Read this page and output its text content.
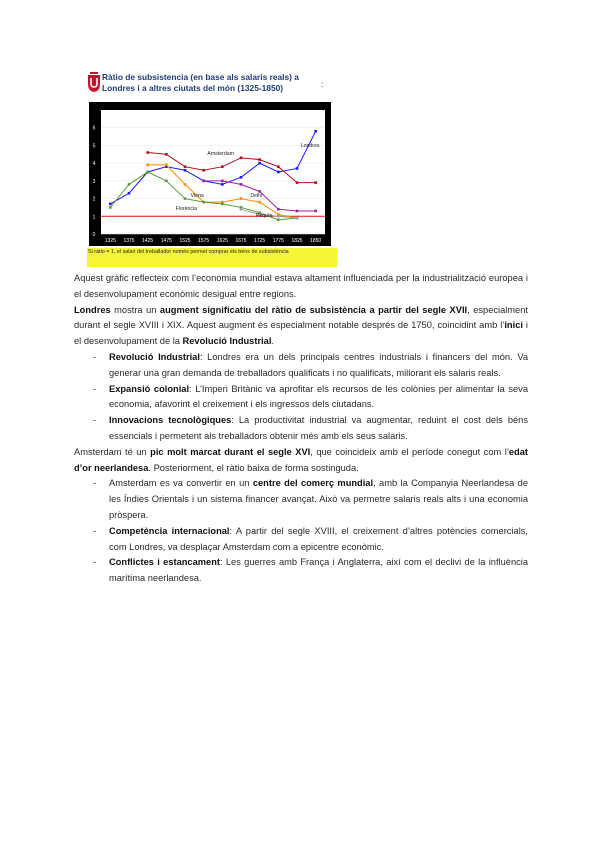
Ràtio de subsistencia (en base als salaris reals) a
Londres i a altres ciutats del món (1325-1850)	:
0
1
2
3
4
5
6
1325 1375 1425 1475 1525 1575 1625 1675 1725 1775 1825 1850
Londres
Amsterdam
Viena
Florència
Delhi
Pequín
Si ràtio = 1, el salari del treballador només permet comprar els béns de subsistència

Aquest gràfic reflecteix com l’economia mundial estava altament influenciada per la industrialització europea i el desenvolupament econòmic desigual entre regions.

Londres mostra un augment significatiu del ràtio de subsistència a partir del segle XVII, especialment durant el segle XVIII i XIX. Aquest augment és especialment notable després de 1750, coincidint amb l’inici i el desenvolupament de la Revolució Industrial.

- Revolució Industrial: Londres era un dels principals centres industrials i financers del món. Va generar una gran demanda de treballadors qualificats i no qualificats, millorant els salaris reals.
- Expansió colonial: L’Imperi Britànic va aprofitar els recursos de les colònies per alimentar la seva economia, afavorint el creixement i els ingressos dels ciutadans.
- Innovacions tecnològiques: La productivitat industrial va augmentar, reduint el cost dels béns essencials i permetent als treballadors obtenir més amb els seus salaris.

Amsterdam té un pic molt marcat durant el segle XVI, que coincideix amb el període conegut com l’edat d’or neerlandesa. Posteriorment, el ràtio baixa de forma sostinguda.

- Amsterdam es va convertir en un centre del comerç mundial, amb la Companyia Neerlandesa de les Índies Orientals i un sistema financer avançat. Això va permetre salaris reals alts i una economia pròspera.
- Competència internacional: A partir del segle XVIII, el creixement d’altres potències comercials, com Londres, va desplaçar Amsterdam com a epicentre econòmic.
- Conflictes i estancament: Les guerres amb França i Anglaterra, així com el declivi de la influència marítima neerlandesa.
